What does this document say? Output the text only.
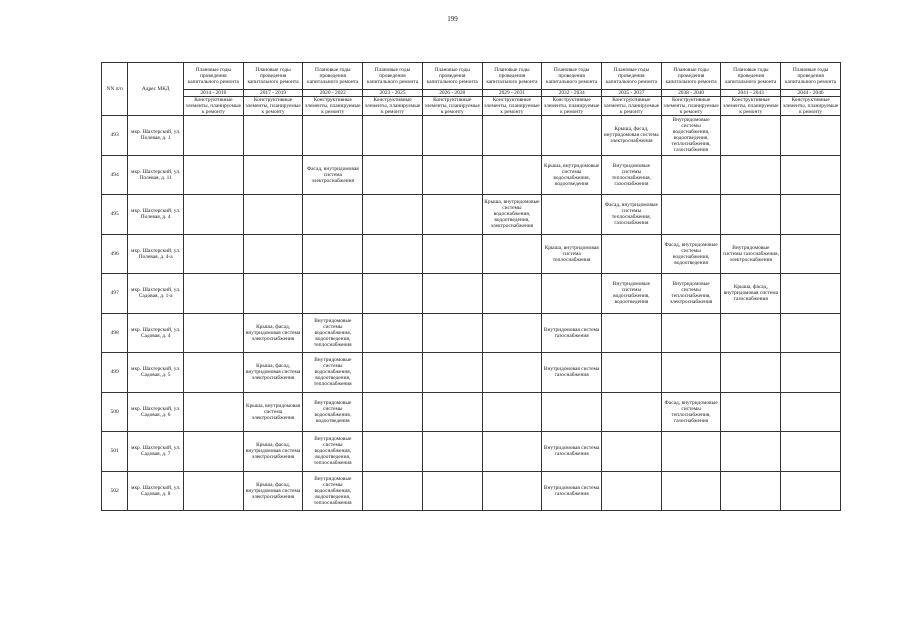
199
NN п/п	Адрес МКД	Плановые годы проведения капитального ремонта	Плановые годы проведения капитального ремонта	Плановые годы проведения капитального ремонта	Плановые годы проведения капитального ремонта	Плановые годы проведения капитального ремонта	Плановые годы проведения капитального ремонта	Плановые годы проведения капитального ремонта	Плановые годы проведения капитального ремонта	Плановые годы проведения капитального ремонта	Плановые годы проведения капитального ремонта	Плановые годы проведения капитального ремонта
		2014 - 2016	2017 - 2019	2020 - 2022	2023 - 2025	2026 - 2028	2029 - 2031	2032 - 2034	2035 - 2037	2038 - 2040	2041 - 2043	2044 - 2046
		Конструктивные элементы, планируемые к ремонту	Конструктивные элементы, планируемые к ремонту	Конструктивные элементы, планируемые к ремонту	Конструктивные элементы, планируемые к ремонту	Конструктивные элементы, планируемые к ремонту	Конструктивные элементы, планируемые к ремонту	Конструктивные элементы, планируемые к ремонту	Конструктивные элементы, планируемые к ремонту	Конструктивные элементы, планируемые к ремонту	Конструктивные элементы, планируемые к ремонту	Конструктивные элементы, планируемые к ремонту
493	мкр. Шахтерский, ул. Полевая, д. 1								Крыша, фасад, внутридомовая система электроснабжения	Внутридомовые системы водоснабжения, водоотведения, теплоснабжения, газоснабжения		
494	мкр. Шахтерский, ул. Полевая, д. 11			Фасад, внутридомовая система электроснабжения				Крыша, внутридомовые системы водоснабжения, водоотведения	Внутридомовые системы теплоснабжения, газоснабжения			
495	мкр. Шахтерский, ул. Полевая, д. 4						Крыша, внутридомовые системы водоснабжения, водоотведения, электроснабжения		Фасад, внутридомовые системы теплоснабжения, газоснабжения			
496	мкр. Шахтерский, ул. Полевая, д. 4-а							Крыша, внутридомовая система теплоснабжения		Фасад, внутридомовые системы водоснабжения, водоотведения	Внутридомовые системы газоснабжения, электроснабжения	
497	мкр. Шахтерский, ул. Садовая, д. 1-а								Внутридомовые системы водоснабжения, водоотведения	Внутридомовые системы теплоснабжения, электроснабжения	Крыша, фасад, внутридомовая система газоснабжения	
498	мкр. Шахтерский, ул. Садовая, д. 4		Крыша, фасад, внутридомовая система электроснабжения	Внутридомовые системы водоснабжения, водоотведения, теплоснабжения				Внутридомовая система газоснабжения				
499	мкр. Шахтерский, ул. Садовая, д. 5		Крыша, фасад, внутридомовая система электроснабжения	Внутридомовые системы водоснабжения, водоотведения, теплоснабжения				Внутридомовая система газоснабжения				
500	мкр. Шахтерский, ул. Садовая, д. 6		Крыша, внутридомовая система электроснабжения	Внутридомовые системы водоснабжения, водоотведения						Фасад, внутридомовые системы теплоснабжения, газоснабжения		
501	мкр. Шахтерский, ул. Садовая, д. 7		Крыша, фасад, внутридомовая система электроснабжения	Внутридомовые системы водоснабжения, водоотведения, теплоснабжения				Внутридомовая система газоснабжения				
502	мкр. Шахтерский, ул. Садовая, д. 8		Крыша, фасад, внутридомовая система электроснабжения	Внутридомовые системы водоснабжения, водоотведения, теплоснабжения				Внутридомовая система газоснабжения				
